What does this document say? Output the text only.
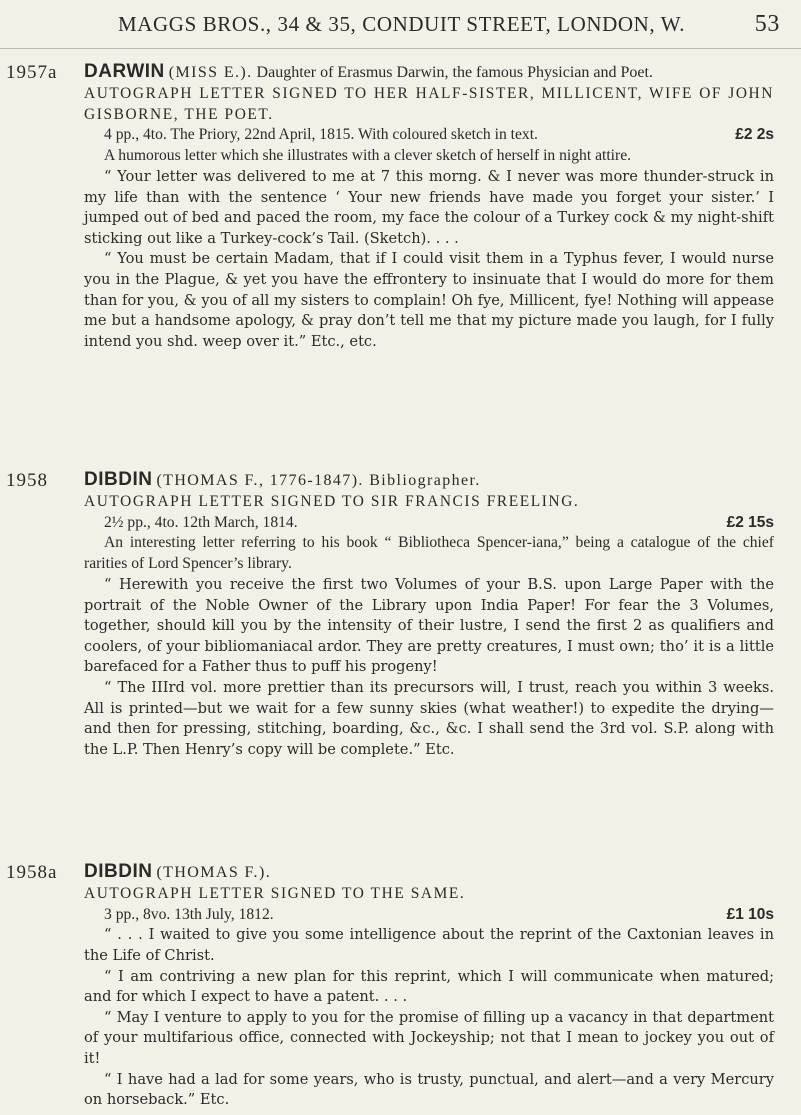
MAGGS BROS., 34 & 35, CONDUIT STREET, LONDON, W.	53
1957a DARWIN (MISS E.). Daughter of Erasmus Darwin, the famous Physician and Poet.

AUTOGRAPH LETTER SIGNED TO HER HALF-SISTER, MILLICENT, WIFE OF JOHN GISBORNE, THE POET.

4 pp., 4to. The Priory, 22nd April, 1815. With coloured sketch in text.	£2 2s

A humorous letter which she illustrates with a clever sketch of herself in night attire.

“ Your letter was delivered to me at 7 this morng. & I never was more thunder-struck in my life than with the sentence ‘ Your new friends have made you forget your sister.’ I jumped out of bed and paced the room, my face the colour of a Turkey cock & my night-shift sticking out like a Turkey-cock’s Tail. (Sketch). . . .

“ You must be certain Madam, that if I could visit them in a Typhus fever, I would nurse you in the Plague, & yet you have the effrontery to insinuate that I would do more for them than for you, & you of all my sisters to complain! Oh fye, Millicent, fye! Nothing will appease me but a handsome apology, & pray don’t tell me that my picture made you laugh, for I fully intend you shd. weep over it.” Etc., etc.

1958 DIBDIN (THOMAS F., 1776-1847). Bibliographer.

AUTOGRAPH LETTER SIGNED TO SIR FRANCIS FREELING.

2½ pp., 4to. 12th March, 1814.	£2 15s

An interesting letter referring to his book “ Bibliotheca Spencer-iana,” being a catalogue of the chief rarities of Lord Spencer’s library.

“ Herewith you receive the first two Volumes of your B.S. upon Large Paper with the portrait of the Noble Owner of the Library upon India Paper! For fear the 3 Volumes, together, should kill you by the intensity of their lustre, I send the first 2 as qualifiers and coolers, of your bibliomaniacal ardor. They are pretty creatures, I must own; tho’ it is a little barefaced for a Father thus to puff his progeny!

“ The IIIrd vol. more prettier than its precursors will, I trust, reach you within 3 weeks. All is printed—but we wait for a few sunny skies (what weather!) to expedite the drying—and then for pressing, stitching, boarding, &c., &c. I shall send the 3rd vol. S.P. along with the L.P. Then Henry’s copy will be complete.” Etc.

1958a DIBDIN (THOMAS F.).

AUTOGRAPH LETTER SIGNED TO THE SAME.

3 pp., 8vo. 13th July, 1812.	£1 10s

“ . . . I waited to give you some intelligence about the reprint of the Caxtonian leaves in the Life of Christ.

“ I am contriving a new plan for this reprint, which I will communicate when matured; and for which I expect to have a patent. . . .

“ May I venture to apply to you for the promise of filling up a vacancy in that department of your multifarious office, connected with Jockeyship; not that I mean to jockey you out of it!

“ I have had a lad for some years, who is trusty, punctual, and alert—and a very Mercury on horseback.” Etc.
